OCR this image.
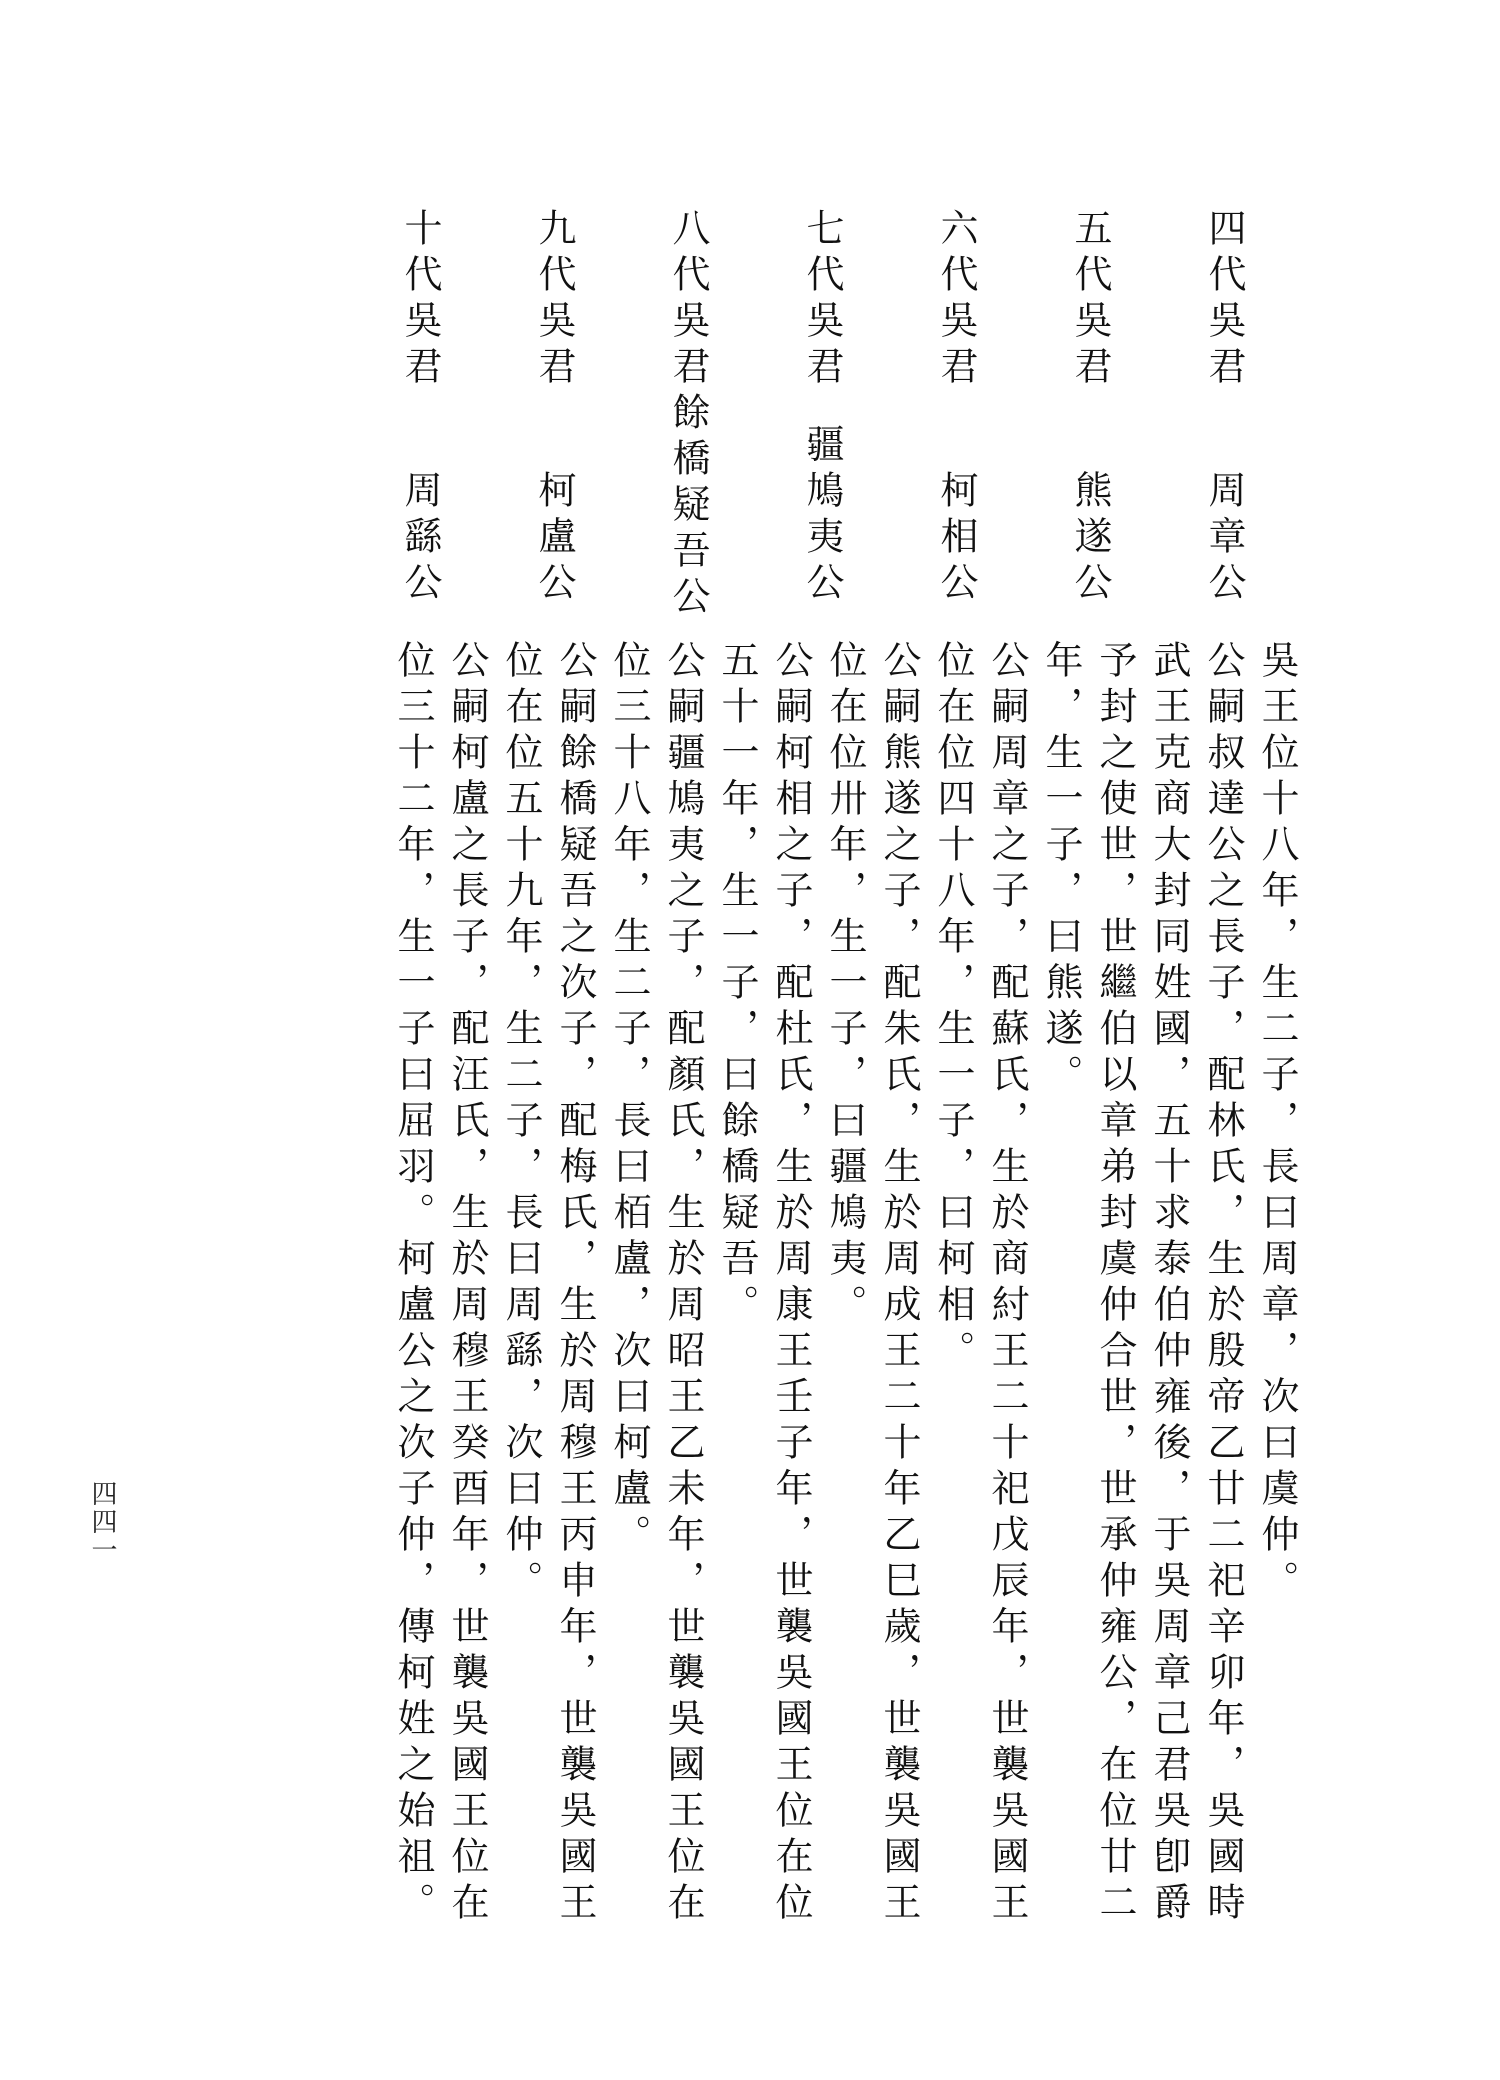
四代吳君
周章公
五代吳君
熊遂公
六代吳君
柯相公
七代吳君
疆鳩夷公
八代吳君餘橋疑吾公
九代吳君
柯盧公
十代吳君
周繇公
吳王位十八年，生二子，長曰周章，次曰虞仲。
公嗣叔達公之長子，配林氏，生於殷帝乙廿二祀辛卯年，吳國時
武王克商大封同姓國，五十求泰伯仲雍後，于吳周章己君吳卽爵
予封之使世，世繼伯以章弟封虞仲合世，世承仲雍公，在位廿二
年，生一子，曰熊遂。
公嗣周章之子，配蘇氏，生於商紂王二十祀戊辰年，世襲吳國王
位在位四十八年，生一子，曰柯相。
公嗣熊遂之子，配朱氏，生於周成王二十年乙巳歲，世襲吳國王
位在位卅年，生一子，曰疆鳩夷。
公嗣柯相之子，配杜氏，生於周康王壬子年，世襲吳國王位在位
五十一年，生一子，曰餘橋疑吾。
公嗣疆鳩夷之子，配顏氏，生於周昭王乙未年，世襲吳國王位在
位三十八年，生二子，長曰栢盧，次曰柯盧。
公嗣餘橋疑吾之次子，配梅氏，生於周穆王丙申年，世襲吳國王
位在位五十九年，生二子，長曰周繇，次曰仲。
公嗣柯盧之長子，配汪氏，生於周穆王癸酉年，世襲吳國王位在
位三十二年，生一子曰屈羽。柯盧公之次子仲，傳柯姓之始祖。
四四一
